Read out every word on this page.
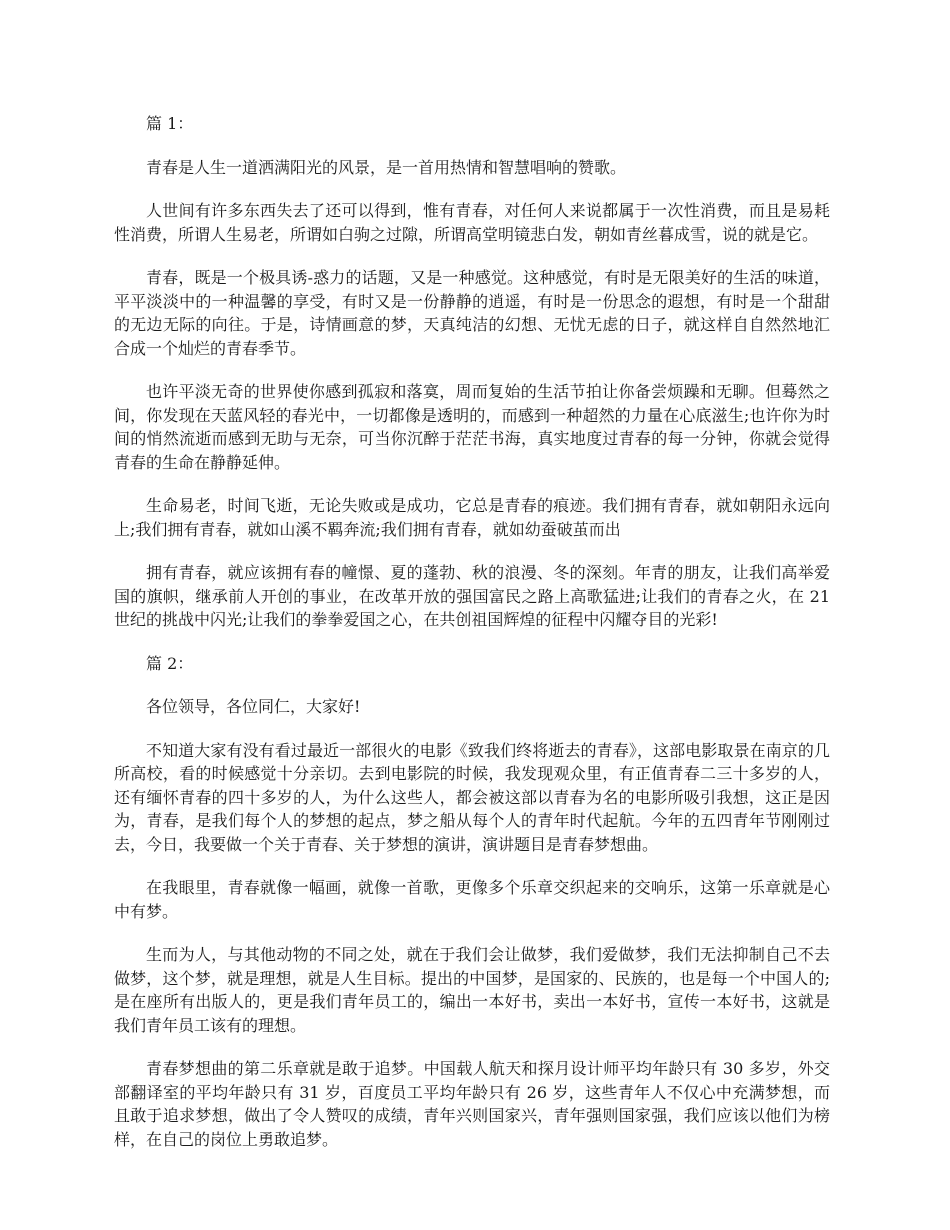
篇 1：

青春是人生一道洒满阳光的风景，是一首用热情和智慧唱响的赞歌。

人世间有许多东西失去了还可以得到，惟有青春，对任何人来说都属于一次性消费，而且是易耗性消费，所谓人生易老，所谓如白驹之过隙，所谓高堂明镜悲白发，朝如青丝暮成雪，说的就是它。

青春，既是一个极具诱-惑力的话题，又是一种感觉。这种感觉，有时是无限美好的生活的味道，平平淡淡中的一种温馨的享受，有时又是一份静静的逍遥，有时是一份思念的遐想，有时是一个甜甜的无边无际的向往。于是，诗情画意的梦，天真纯洁的幻想、无忧无虑的日子，就这样自自然然地汇合成一个灿烂的青春季节。

也许平淡无奇的世界使你感到孤寂和落寞，周而复始的生活节拍让你备尝烦躁和无聊。但蓦然之间，你发现在天蓝风轻的春光中，一切都像是透明的，而感到一种超然的力量在心底滋生;也许你为时间的悄然流逝而感到无助与无奈，可当你沉醉于茫茫书海，真实地度过青春的每一分钟，你就会觉得青春的生命在静静延伸。

生命易老，时间飞逝，无论失败或是成功，它总是青春的痕迹。我们拥有青春，就如朝阳永远向上;我们拥有青春，就如山溪不羁奔流;我们拥有青春，就如幼蚕破茧而出

拥有青春，就应该拥有春的幢憬、夏的蓬勃、秋的浪漫、冬的深刻。年青的朋友，让我们高举爱国的旗帜，继承前人开创的事业，在改革开放的强国富民之路上高歌猛进;让我们的青春之火，在 21 世纪的挑战中闪光;让我们的拳拳爱国之心，在共创祖国辉煌的征程中闪耀夺目的光彩!

篇 2：

各位领导，各位同仁，大家好!

不知道大家有没有看过最近一部很火的电影《致我们终将逝去的青春》，这部电影取景在南京的几所高校，看的时候感觉十分亲切。去到电影院的时候，我发现观众里，有正值青春二三十多岁的人，还有缅怀青春的四十多岁的人，为什么这些人，都会被这部以青春为名的电影所吸引我想，这正是因为，青春，是我们每个人的梦想的起点，梦之船从每个人的青年时代起航。今年的五四青年节刚刚过去，今日，我要做一个关于青春、关于梦想的演讲，演讲题目是青春梦想曲。

在我眼里，青春就像一幅画，就像一首歌，更像多个乐章交织起来的交响乐，这第一乐章就是心中有梦。

生而为人，与其他动物的不同之处，就在于我们会让做梦，我们爱做梦，我们无法抑制自己不去做梦，这个梦，就是理想，就是人生目标。提出的中国梦，是国家的、民族的，也是每一个中国人的;是在座所有出版人的，更是我们青年员工的，编出一本好书，卖出一本好书，宣传一本好书，这就是我们青年员工该有的理想。

青春梦想曲的第二乐章就是敢于追梦。中国载人航天和探月设计师平均年龄只有 30 多岁，外交部翻译室的平均年龄只有 31 岁，百度员工平均年龄只有 26 岁，这些青年人不仅心中充满梦想，而且敢于追求梦想，做出了令人赞叹的成绩，青年兴则国家兴，青年强则国家强，我们应该以他们为榜样，在自己的岗位上勇敢追梦。
